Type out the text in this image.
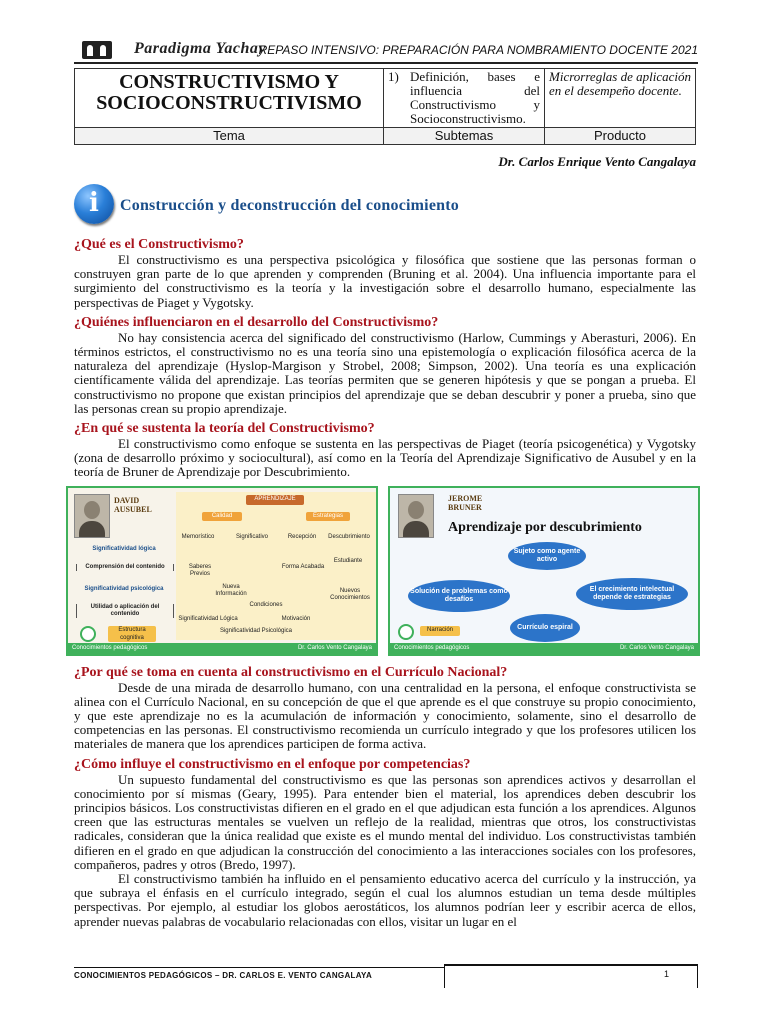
Paradigma Yachay
REPASO INTENSIVO: PREPARACIÓN PARA NOMBRAMIENTO DOCENTE 2021
CONSTRUCTIVISMO Y SOCIOCONSTRUCTIVISMO	1) Definición, bases e influencia del Constructivismo y Socioconstructivismo.	Microrreglas de aplicación en el desempeño docente.
Tema	Subtemas	Producto
Dr. Carlos Enrique Vento Cangalaya
i	Construcción y deconstrucción del conocimiento

¿Qué es el Constructivismo?

El constructivismo es una perspectiva psicológica y filosófica que sostiene que las personas forman o construyen gran parte de lo que aprenden y comprenden (Bruning et al. 2004). Una influencia importante para el surgimiento del constructivismo es la teoría y la investigación sobre el desarrollo humano, especialmente las perspectivas de Piaget y Vygotsky.

¿Quiénes influenciaron en el desarrollo del Constructivismo?

No hay consistencia acerca del significado del constructivismo (Harlow, Cummings y Aberasturi, 2006). En términos estrictos, el constructivismo no es una teoría sino una epistemología o explicación filosófica acerca de la naturaleza del aprendizaje (Hyslop-Margison y Strobel, 2008; Simpson, 2002). Una teoría es una explicación científicamente válida del aprendizaje. Las teorías permiten que se generen hipótesis y que se pongan a prueba. El constructivismo no propone que existan principios del aprendizaje que se deban descubrir y poner a prueba, sino que las personas crean su propio aprendizaje.

¿En qué se sustenta la teoría del Constructivismo?

El constructivismo como enfoque se sustenta en las perspectivas de Piaget (teoría psicogenética) y Vygotsky (zona de desarrollo próximo y sociocultural), así como en la Teoría del Aprendizaje Significativo de Ausubel y en la teoría de Bruner de Aprendizaje por Descubrimiento.

DAVID
AUSUBEL
Significatividad lógica
Comprensión del contenido
Significatividad psicológica
Utilidad o aplicación del contenido
Estructura cognitiva
APRENDIZAJE
Calidad	Estrategias
Memorístico	Significativo	Recepción	Descubrimiento
Saberes Previos
Nueva Información
Condiciones
Forma Acabada
Estudiante
Nuevos Conocimientos
Significatividad Lógica	Motivación
Significatividad Psicológica
Conocimientos pedagógicos	Dr. Carlos Vento Cangalaya
JEROME
BRUNER
Aprendizaje por descubrimiento
Sujeto como agente activo
Solución de problemas como desafíos
El crecimiento intelectual depende de estrategias
Currículo espiral
Narración
Conocimientos pedagógicos	Dr. Carlos Vento Cangalaya

¿Por qué se toma en cuenta al constructivismo en el Currículo Nacional?

Desde de una mirada de desarrollo humano, con una centralidad en la persona, el enfoque constructivista se alinea con el Currículo Nacional, en su concepción de que el que aprende es el que construye su propio conocimiento, y que este aprendizaje no es la acumulación de información y conocimiento, solamente, sino el desarrollo de competencias en las personas. El constructivismo recomienda un currículo integrado y que los profesores utilicen los materiales de manera que los aprendices participen de forma activa.

¿Cómo influye el constructivismo en el enfoque por competencias?

Un supuesto fundamental del constructivismo es que las personas son aprendices activos y desarrollan el conocimiento por sí mismas (Geary, 1995). Para entender bien el material, los aprendices deben descubrir los principios básicos. Los constructivistas difieren en el grado en el que adjudican esta función a los aprendices. Algunos creen que las estructuras mentales se vuelven un reflejo de la realidad, mientras que otros, los constructivistas radicales, consideran que la única realidad que existe es el mundo mental del individuo. Los constructivistas también difieren en el grado en que adjudican la construcción del conocimiento a las interacciones sociales con los profesores, compañeros, padres y otros (Bredo, 1997).

El constructivismo también ha influido en el pensamiento educativo acerca del currículo y la instrucción, ya que subraya el énfasis en el currículo integrado, según el cual los alumnos estudian un tema desde múltiples perspectivas. Por ejemplo, al estudiar los globos aerostáticos, los alumnos podrían leer y escribir acerca de ellos, aprender nuevas palabras de vocabulario relacionadas con ellos, visitar un lugar en el

CONOCIMIENTOS PEDAGÓGICOS – DR. CARLOS E. VENTO CANGALAYA	1
